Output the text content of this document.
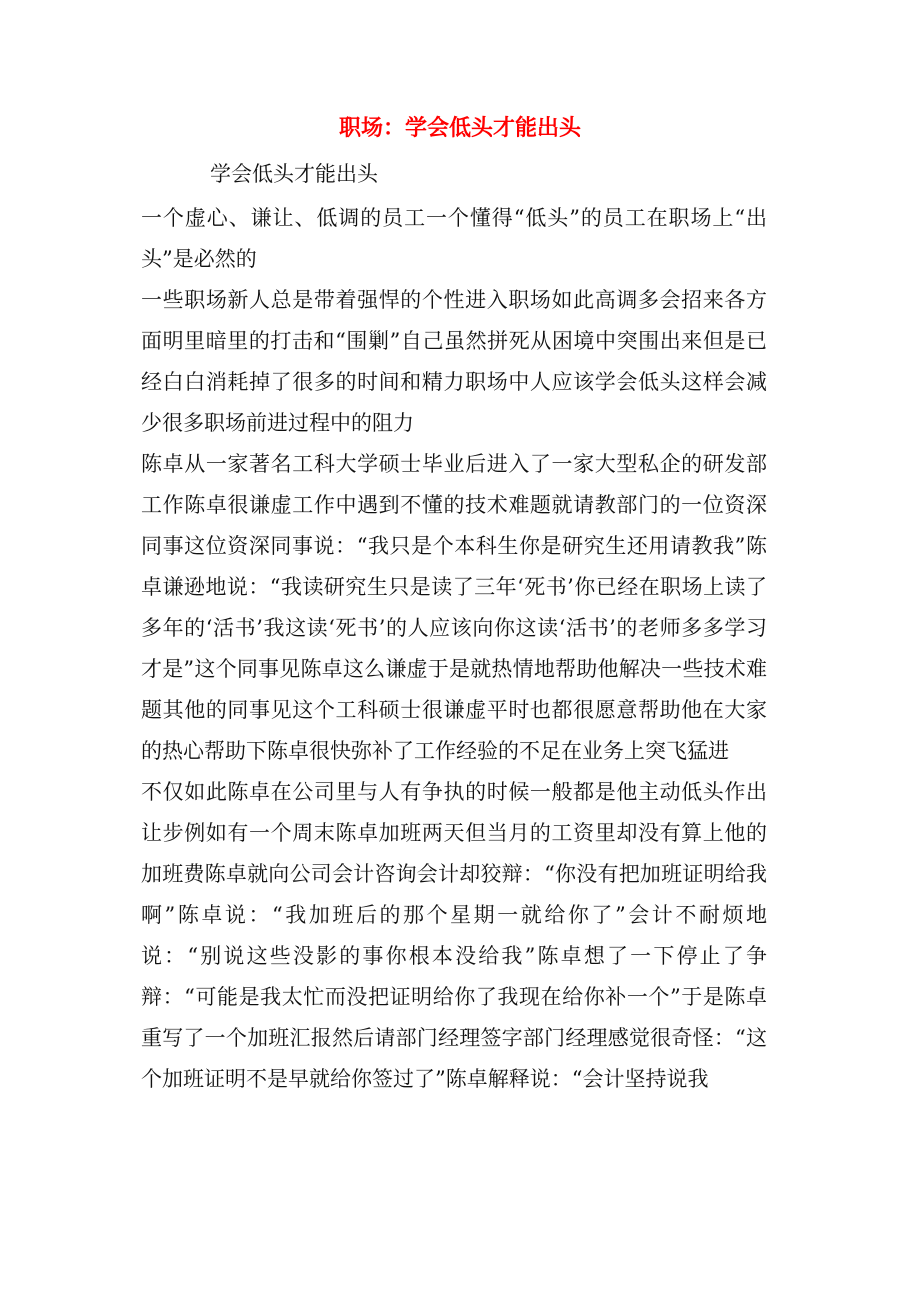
职场：学会低头才能出头

学会低头才能出头

一个虚心、谦让、低调的员工一个懂得“低头”的员工在职场上“出头”是必然的

一些职场新人总是带着强悍的个性进入职场如此高调多会招来各方面明里暗里的打击和“围剿”自己虽然拼死从困境中突围出来但是已经白白消耗掉了很多的时间和精力职场中人应该学会低头这样会减少很多职场前进过程中的阻力

陈卓从一家著名工科大学硕士毕业后进入了一家大型私企的研发部工作陈卓很谦虚工作中遇到不懂的技术难题就请教部门的一位资深同事这位资深同事说：“我只是个本科生你是研究生还用请教我”陈卓谦逊地说：“我读研究生只是读了三年‘死书’你已经在职场上读了多年的‘活书’我这读‘死书’的人应该向你这读‘活书’的老师多多学习才是”这个同事见陈卓这么谦虚于是就热情地帮助他解决一些技术难题其他的同事见这个工科硕士很谦虚平时也都很愿意帮助他在大家的热心帮助下陈卓很快弥补了工作经验的不足在业务上突飞猛进

不仅如此陈卓在公司里与人有争执的时候一般都是他主动低头作出让步例如有一个周末陈卓加班两天但当月的工资里却没有算上他的加班费陈卓就向公司会计咨询会计却狡辩：“你没有把加班证明给我啊”陈卓说：“我加班后的那个星期一就给你了”会计不耐烦地说：“别说这些没影的事你根本没给我”陈卓想了一下停止了争辩：“可能是我太忙而没把证明给你了我现在给你补一个”于是陈卓重写了一个加班汇报然后请部门经理签字部门经理感觉很奇怪：“这个加班证明不是早就给你签过了”陈卓解释说：“会计坚持说我
